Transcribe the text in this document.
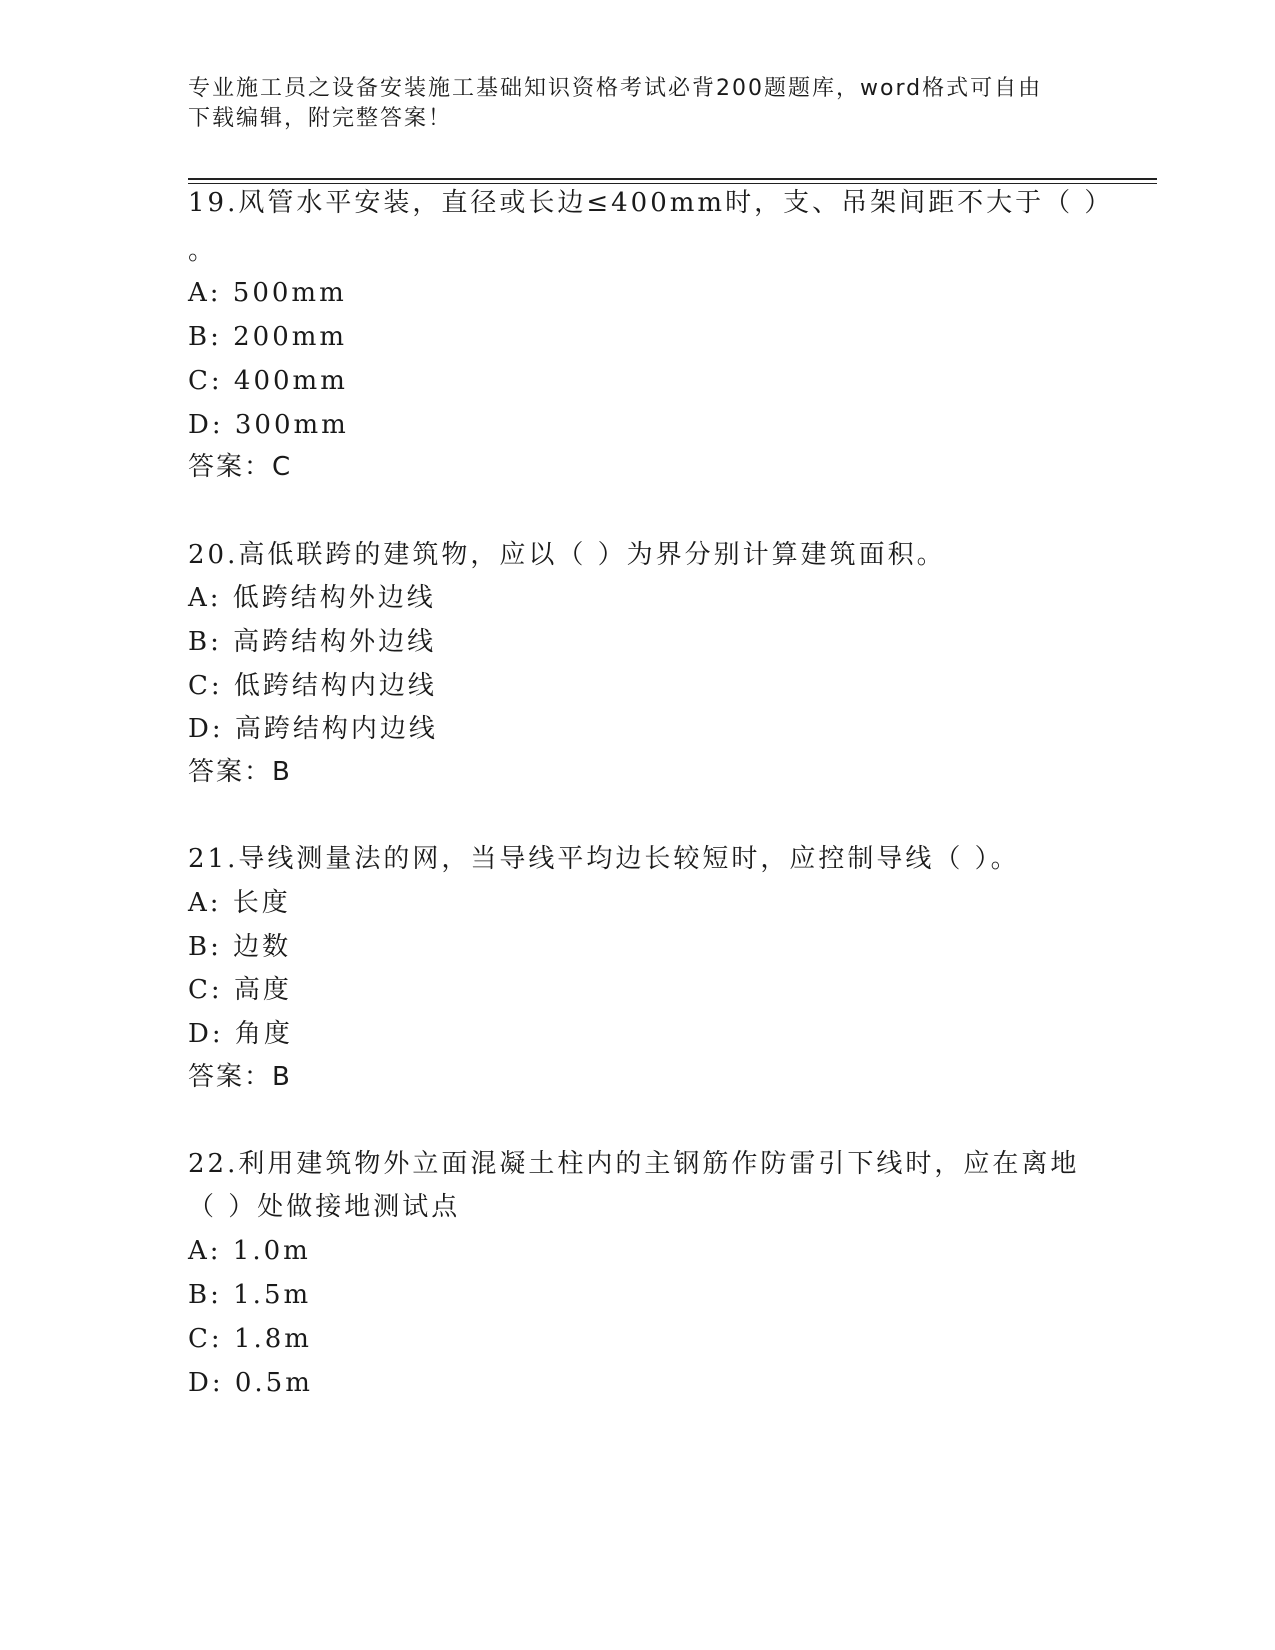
专业施工员之设备安装施工基础知识资格考试必背200题题库，word格式可自由
下载编辑，附完整答案！
19.风管水平安装，直径或长边≤400mm时，支、吊架间距不大于（ ）
。
A: 500mm
B: 200mm
C: 400mm
D: 300mm
答案：C
20.高低联跨的建筑物，应以（ ）为界分别计算建筑面积。
A: 低跨结构外边线
B: 高跨结构外边线
C: 低跨结构内边线
D: 高跨结构内边线
答案：B
21.导线测量法的网，当导线平均边长较短时，应控制导线（ ）。
A: 长度
B: 边数
C: 高度
D: 角度
答案：B
22.利用建筑物外立面混凝土柱内的主钢筋作防雷引下线时，应在离地
（ ）处做接地测试点
A: 1.0m
B: 1.5m
C: 1.8m
D: 0.5m
